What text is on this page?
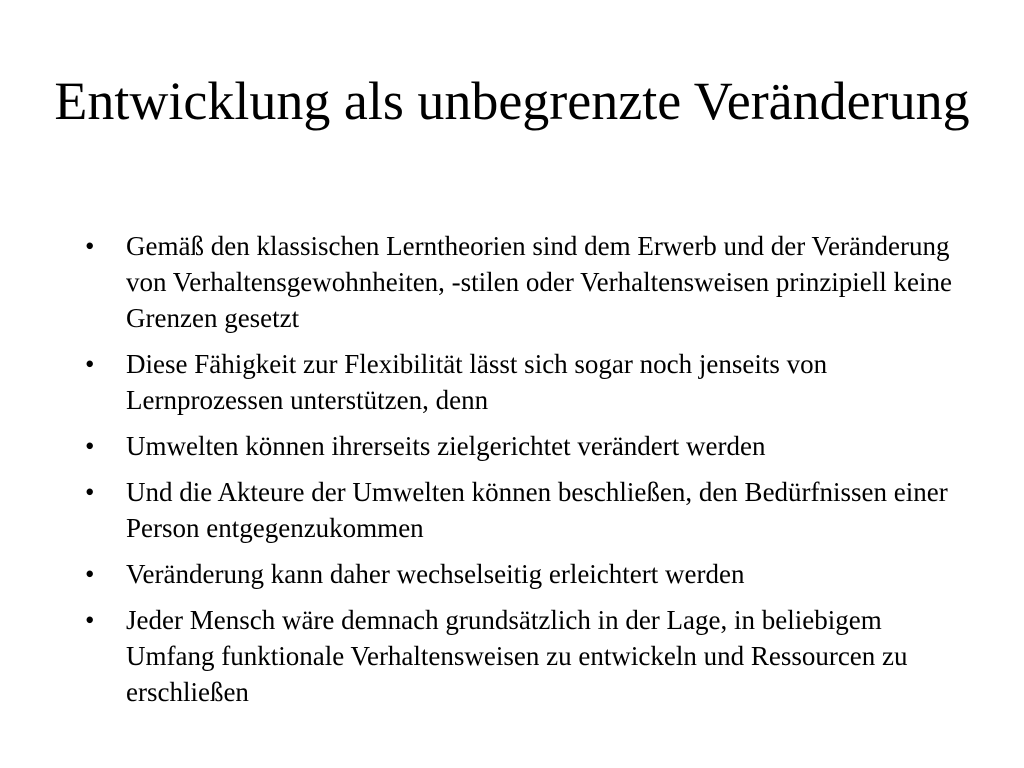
Entwicklung als unbegrenzte Veränderung
• Gemäß den klassischen Lerntheorien sind dem Erwerb und der Veränderung von Verhaltensgewohnheiten, -stilen oder Verhaltensweisen prinzipiell keine Grenzen gesetzt
• Diese Fähigkeit zur Flexibilität lässt sich sogar noch jenseits von Lernprozessen unterstützen, denn
• Umwelten können ihrerseits zielgerichtet verändert werden
• Und die Akteure der Umwelten können beschließen, den Bedürfnissen einer Person entgegenzukommen
• Veränderung kann daher wechselseitig erleichtert werden
• Jeder Mensch wäre demnach grundsätzlich in der Lage, in beliebigem Umfang funktionale Verhaltensweisen zu entwickeln und Ressourcen zu erschließen
